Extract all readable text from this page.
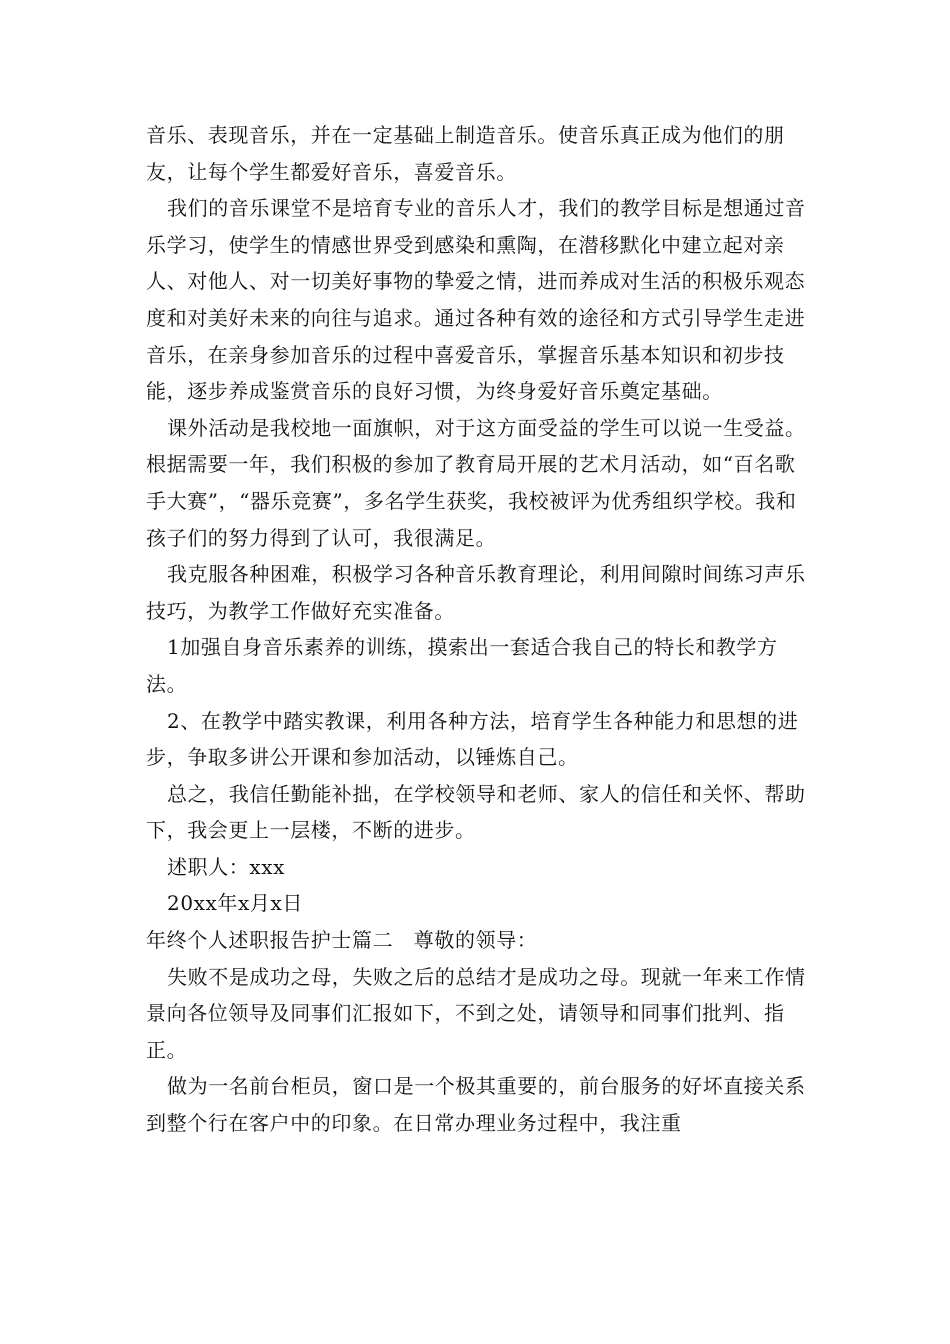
音乐、表现音乐，并在一定基础上制造音乐。使音乐真正成为他们的朋友，让每个学生都爱好音乐，喜爱音乐。

我们的音乐课堂不是培育专业的音乐人才，我们的教学目标是想通过音乐学习，使学生的情感世界受到感染和熏陶，在潜移默化中建立起对亲人、对他人、对一切美好事物的挚爱之情，进而养成对生活的积极乐观态度和对美好未来的向往与追求。通过各种有效的途径和方式引导学生走进音乐，在亲身参加音乐的过程中喜爱音乐，掌握音乐基本知识和初步技能，逐步养成鉴赏音乐的良好习惯，为终身爱好音乐奠定基础。

课外活动是我校地一面旗帜，对于这方面受益的学生可以说一生受益。根据需要一年，我们积极的参加了教育局开展的艺术月活动，如“百名歌手大赛”，“器乐竞赛”，多名学生获奖，我校被评为优秀组织学校。我和孩子们的努力得到了认可，我很满足。

我克服各种困难，积极学习各种音乐教育理论，利用间隙时间练习声乐技巧，为教学工作做好充实准备。

1加强自身音乐素养的训练，摸索出一套适合我自己的特长和教学方法。

2、在教学中踏实教课，利用各种方法，培育学生各种能力和思想的进步，争取多讲公开课和参加活动，以锤炼自己。

总之，我信任勤能补拙，在学校领导和老师、家人的信任和关怀、帮助下，我会更上一层楼，不断的进步。

述职人：xxx

20xx年x月x日

年终个人述职报告护士篇二　尊敬的领导：

失败不是成功之母，失败之后的总结才是成功之母。现就一年来工作情景向各位领导及同事们汇报如下，不到之处，请领导和同事们批判、指正。

做为一名前台柜员，窗口是一个极其重要的，前台服务的好坏直接关系到整个行在客户中的印象。在日常办理业务过程中，我注重
